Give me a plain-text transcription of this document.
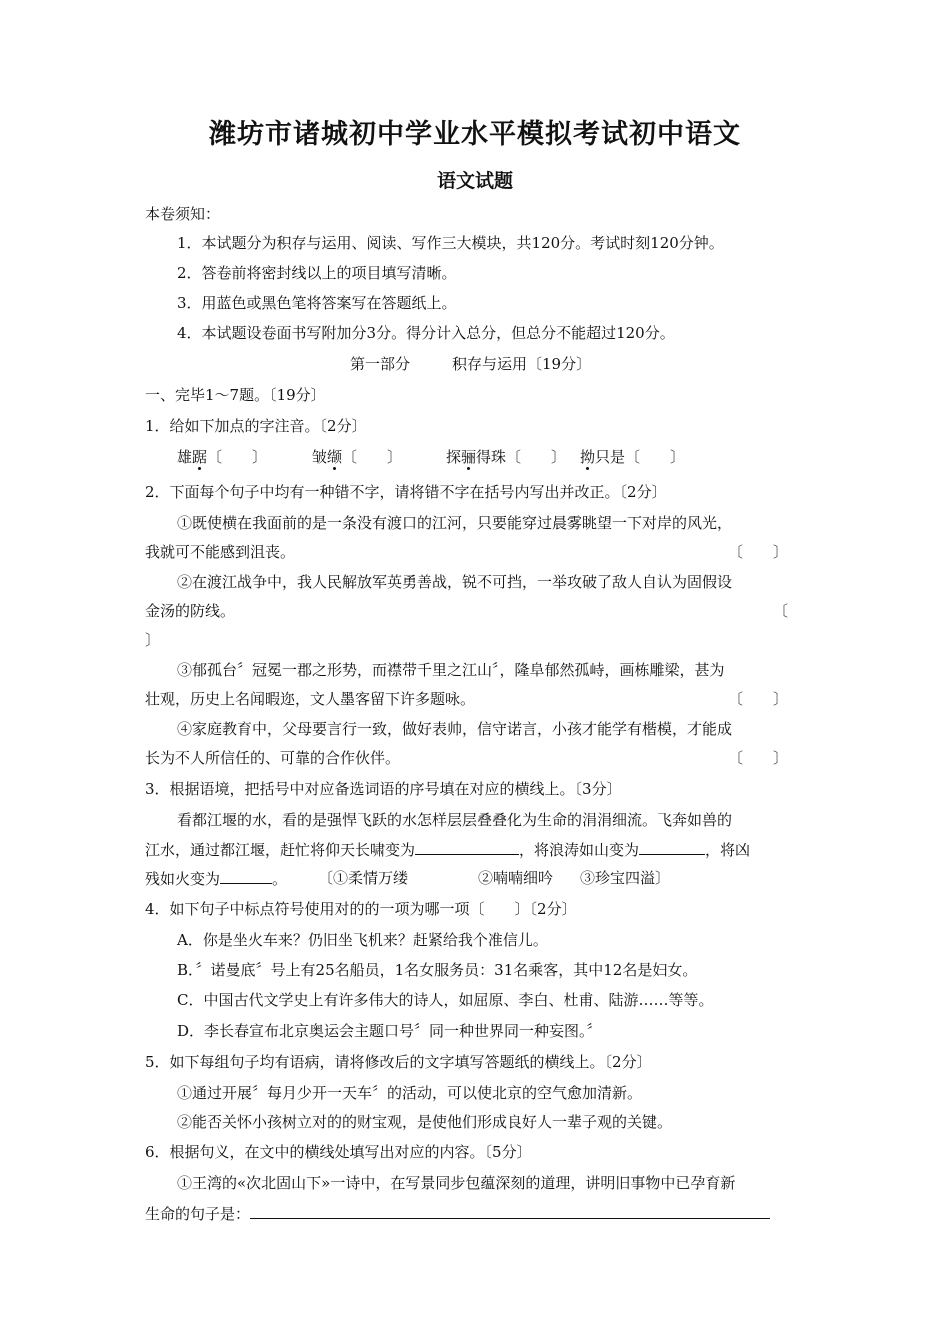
潍坊市诸城初中学业水平模拟考试初中语文
语文试题
本卷须知：
1．本试题分为积存与运用、阅读、写作三大模块，共120分。考试时刻120分钟。
2．答卷前将密封线以上的项目填写清晰。
3．用蓝色或黑色笔将答案写在答题纸上。
4．本试题设卷面书写附加分3分。得分计入总分，但总分不能超过120分。
第一部分	积存与运用〔19分〕
一、完毕1～7题。〔19分〕
1．给如下加点的字注音。〔2分〕
雄踞〔　　〕	皱缬〔　　〕	探骊得珠〔　　〕 拗只是〔　　〕
2．下面每个句子中均有一种错不字，请将错不字在括号内写出并改正。〔2分〕
①既使横在我面前的是一条没有渡口的江河，只要能穿过晨雾眺望一下对岸的风光，
我就可不能感到沮丧。	〔　　〕
②在渡江战争中，我人民解放军英勇善战，锐不可挡，一举攻破了敌人自认为固假设
金汤的防线。	〔
〕
③郁孤台〞冠冕一郡之形势，而襟带千里之江山〞，隆阜郁然孤峙，画栋雕梁，甚为
壮观，历史上名闻暇迩，文人墨客留下许多题咏。	〔　　〕
④家庭教育中，父母要言行一致，做好表帅，信守诺言，小孩才能学有楷模，才能成
长为不人所信任的、可靠的合作伙伴。	〔　　〕
3．根据语境，把括号中对应备选词语的序号填在对应的横线上。〔3分〕
看都江堰的水，看的是强悍飞跃的水怎样层层叠叠化为生命的涓涓细流。飞奔如兽的
江水，通过都江堰，赶忙将仰天长啸变为	，将浪涛如山变为	，将凶
残如火变为	。 〔①柔情万缕	②喃喃细吟 ③珍宝四溢〕
4．如下句子中标点符号使用对的的一项为哪一项〔　　〕〔2分〕
A．你是坐火车来？仍旧坐飞机来？赶紧给我个准信儿。
B．〞诺曼底〞号上有25名船员，1名女服务员：31名乘客，其中12名是妇女。
C．中国古代文学史上有许多伟大的诗人，如屈原、李白、杜甫、陆游……等等。
D．李长春宣布北京奥运会主题口号〞同一种世界同一种妄图。〞
5．如下每组句子均有语病，请将修改后的文字填写答题纸的横线上。〔2分〕
①通过开展〞每月少开一天车〞的活动，可以使北京的空气愈加清新。
②能否关怀小孩树立对的的财宝观，是使他们形成良好人一辈子观的关键。
6．根据句义，在文中的横线处填写出对应的内容。〔5分〕
①王湾的«次北固山下»一诗中，在写景同步包蕴深刻的道理，讲明旧事物中已孕育新
生命的句子是：
